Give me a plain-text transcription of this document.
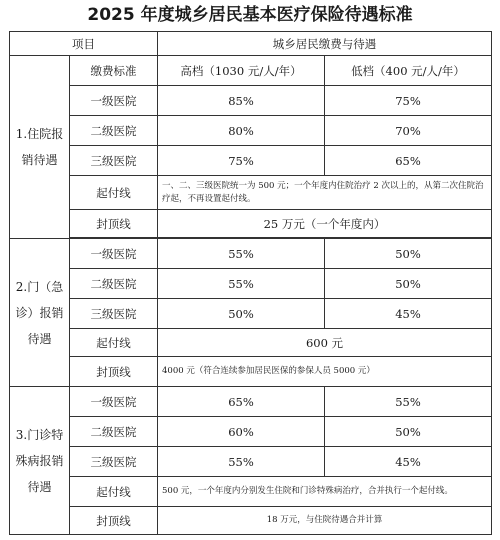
2025 年度城乡居民基本医疗保险待遇标准
项目		城乡居民缴费与待遇	
1.住院报销待遇	缴费标准	高档（1030 元/人/年）	低档（400 元/人/年）
	一级医院	85%	75%
	二级医院	80%	70%
	三级医院	75%	65%
	起付线	一、二、三级医院统一为 500 元；一个年度内住院治疗 2 次以上的，从第二次住院治疗起，不再设置起付线。	
	封顶线	25 万元（一个年度内）	

2.门（急诊）报销待遇	一级医院	55%	50%
	二级医院	55%	50%
	三级医院	50%	45%
	起付线	600 元	
	封顶线	4000 元（符合连续参加居民医保的参保人员 5000 元）	
3.门诊特殊病报销待遇	一级医院	65%	55%
	二级医院	60%	50%
	三级医院	55%	45%
	起付线	500 元，一个年度内分别发生住院和门诊特殊病治疗，合并执行一个起付线。	
	封顶线	18 万元，与住院待遇合并计算	
